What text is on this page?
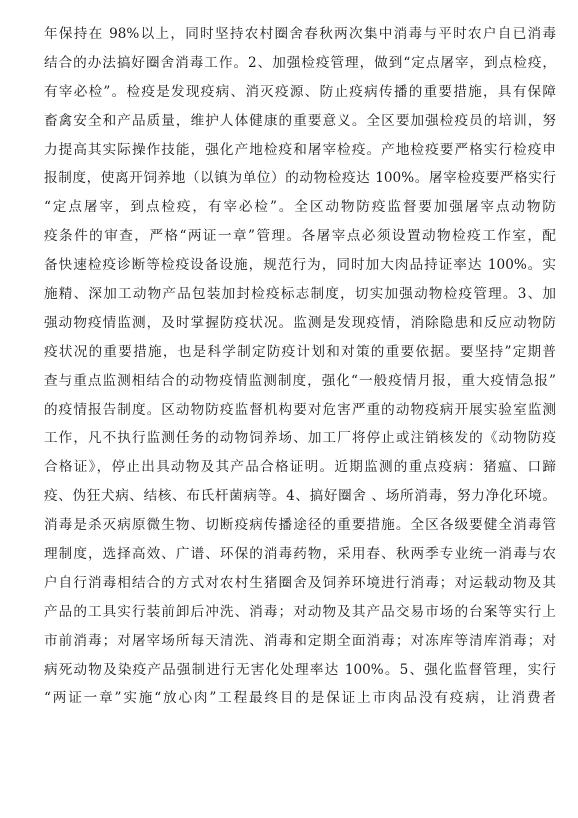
年保持在 98%以上，同时坚持农村圈舍春秋两次集中消毒与平时农户自已消毒
结合的办法搞好圈舍消毒工作。2、加强检疫管理，做到“定点屠宰，到点检疫，
有宰必检”。检疫是发现疫病、消灭疫源、防止疫病传播的重要措施，具有保障
畜禽安全和产品质量，维护人体健康的重要意义。全区要加强检疫员的培训，努
力提高其实际操作技能，强化产地检疫和屠宰检疫。产地检疫要严格实行检疫申
报制度，使离开饲养地（以镇为单位）的动物检疫达 100%。屠宰检疫要严格实行
“定点屠宰，到点检疫，有宰必检”。全区动物防疫监督要加强屠宰点动物防
疫条件的审查，严格“两证一章”管理。各屠宰点必须设置动物检疫工作室，配
备快速检疫诊断等检疫设备设施，规范行为，同时加大肉品持证率达 100%。实
施精、深加工动物产品包装加封检疫标志制度，切实加强动物检疫管理。3、加
强动物疫情监测，及时掌握防疫状况。监测是发现疫情，消除隐患和反应动物防
疫状况的重要措施，也是科学制定防疫计划和对策的重要依据。要坚持”定期普
查与重点监测相结合的动物疫情监测制度，强化“一般疫情月报，重大疫情急报”
的疫情报告制度。区动物防疫监督机构要对危害严重的动物疫病开展实验室监测
工作，凡不执行监测任务的动物饲养场、加工厂将停止或注销核发的《动物防疫
合格证》，停止出具动物及其产品合格证明。近期监测的重点疫病：猪瘟、口蹄
疫、伪狂犬病、结核、布氏杆菌病等。4、搞好圈舍 、场所消毒，努力净化环境。
消毒是杀灭病原微生物、切断疫病传播途径的重要措施。全区各级要健全消毒管
理制度，选择高效、广谱、环保的消毒药物，采用春、秋两季专业统一消毒与农
户自行消毒相结合的方式对农村生猪圈舍及饲养环境进行消毒；对运载动物及其
产品的工具实行装前卸后冲洗、消毒；对动物及其产品交易市场的台案等实行上
市前消毒；对屠宰场所每天清洗、消毒和定期全面消毒；对冻库等清库消毒；对
病死动物及染疫产品强制进行无害化处理率达 100%。5、强化监督管理，实行
“两证一章”实施“放心肉”工程最终目的是保证上市肉品没有疫病，让消费者
